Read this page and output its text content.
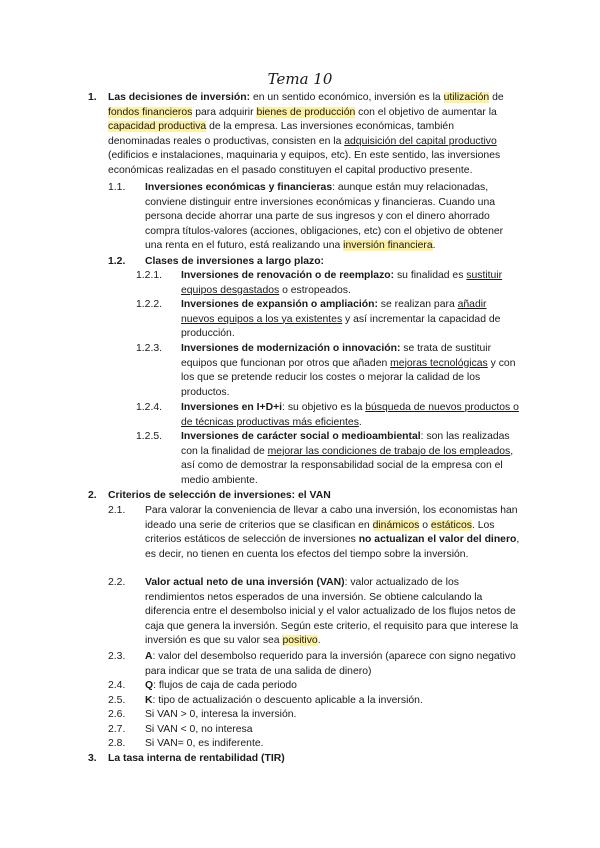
Tema 10
1. Las decisiones de inversión: en un sentido económico, inversión es la utilización de fondos financieros para adquirir bienes de producción con el objetivo de aumentar la capacidad productiva de la empresa. Las inversiones económicas, también denominadas reales o productivas, consisten en la adquisición del capital productivo (edificios e instalaciones, maquinaria y equipos, etc). En este sentido, las inversiones económicas realizadas en el pasado constituyen el capital productivo presente.
1.1. Inversiones económicas y financieras: aunque están muy relacionadas, conviene distinguir entre inversiones económicas y financieras. Cuando una persona decide ahorrar una parte de sus ingresos y con el dinero ahorrado compra títulos-valores (acciones, obligaciones, etc) con el objetivo de obtener una renta en el futuro, está realizando una inversión financiera.
1.2. Clases de inversiones a largo plazo:
1.2.1. Inversiones de renovación o de reemplazo: su finalidad es sustituir equipos desgastados o estropeados.
1.2.2. Inversiones de expansión o ampliación: se realizan para añadir nuevos equipos a los ya existentes y así incrementar la capacidad de producción.
1.2.3. Inversiones de modernización o innovación: se trata de sustituir equipos que funcionan por otros que añaden mejoras tecnológicas y con los que se pretende reducir los costes o mejorar la calidad de los productos.
1.2.4. Inversiones en I+D+i: su objetivo es la búsqueda de nuevos productos o de técnicas productivas más eficientes.
1.2.5. Inversiones de carácter social o medioambiental: son las realizadas con la finalidad de mejorar las condiciones de trabajo de los empleados, así como de demostrar la responsabilidad social de la empresa con el medio ambiente.
2. Criterios de selección de inversiones: el VAN
2.1. Para valorar la conveniencia de llevar a cabo una inversión, los economistas han ideado una serie de criterios que se clasifican en dinámicos o estáticos. Los criterios estáticos de selección de inversiones no actualizan el valor del dinero, es decir, no tienen en cuenta los efectos del tiempo sobre la inversión.
2.2. Valor actual neto de una inversión (VAN): valor actualizado de los rendimientos netos esperados de una inversión. Se obtiene calculando la diferencia entre el desembolso inicial y el valor actualizado de los flujos netos de caja que genera la inversión. Según este criterio, el requisito para que interese la inversión es que su valor sea positivo.
2.3. A: valor del desembolso requerido para la inversión (aparece con signo negativo para indicar que se trata de una salida de dinero)
2.4. Q: flujos de caja de cada periodo
2.5. K: tipo de actualización o descuento aplicable a la inversión.
2.6. Si VAN > 0, interesa la inversión.
2.7. Si VAN < 0, no interesa
2.8. Si VAN= 0, es indiferente.
3. La tasa interna de rentabilidad (TIR)
